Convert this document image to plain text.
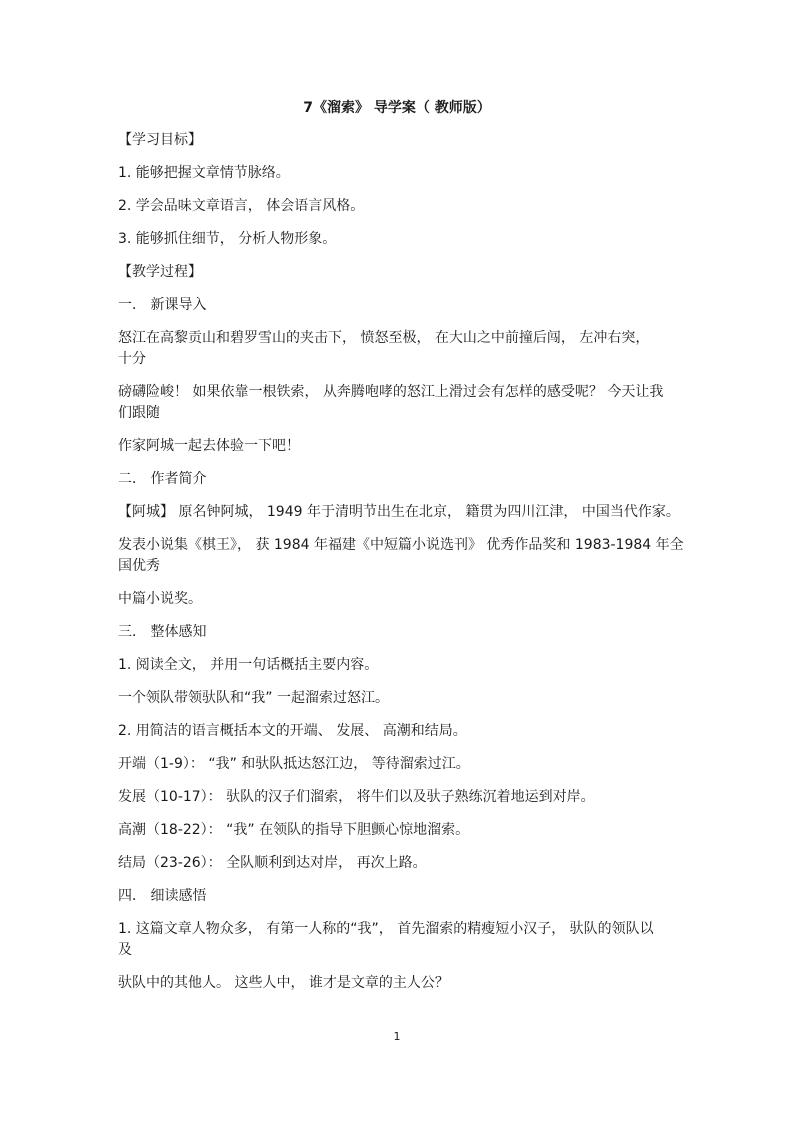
7《溜索》 导学案（ 教师版）

【学习目标】

1. 能够把握文章情节脉络。

2. 学会品味文章语言， 体会语言风格。

3. 能够抓住细节， 分析人物形象。

【教学过程】

一． 新课导入

怒江在高黎贡山和碧罗雪山的夹击下， 愤怒至极， 在大山之中前撞后闯， 左冲右突，

十分

磅礴险峻！ 如果依靠一根铁索， 从奔腾咆哮的怒江上滑过会有怎样的感受呢？ 今天让我

们跟随

作家阿城一起去体验一下吧！

二． 作者简介

【阿城】 原名钟阿城， 1949 年于清明节出生在北京， 籍贯为四川江津， 中国当代作家。

发表小说集《棋王》， 获 1984 年福建《中短篇小说选刊》 优秀作品奖和 1983-1984 年全

国优秀

中篇小说奖。

三． 整体感知

1. 阅读全文， 并用一句话概括主要内容。

一个领队带领驮队和“我” 一起溜索过怒江。

2. 用简洁的语言概括本文的开端、 发展、 高潮和结局。

开端（1-9）： “我” 和驮队抵达怒江边， 等待溜索过江。

发展（10-17）： 驮队的汉子们溜索， 将牛们以及驮子熟练沉着地运到对岸。

高潮（18-22）： “我” 在领队的指导下胆颤心惊地溜索。

结局（23-26）： 全队顺利到达对岸， 再次上路。

四． 细读感悟

1. 这篇文章人物众多， 有第一人称的“我”， 首先溜索的精瘦短小汉子， 驮队的领队以

及

驮队中的其他人。 这些人中， 谁才是文章的主人公？

1
